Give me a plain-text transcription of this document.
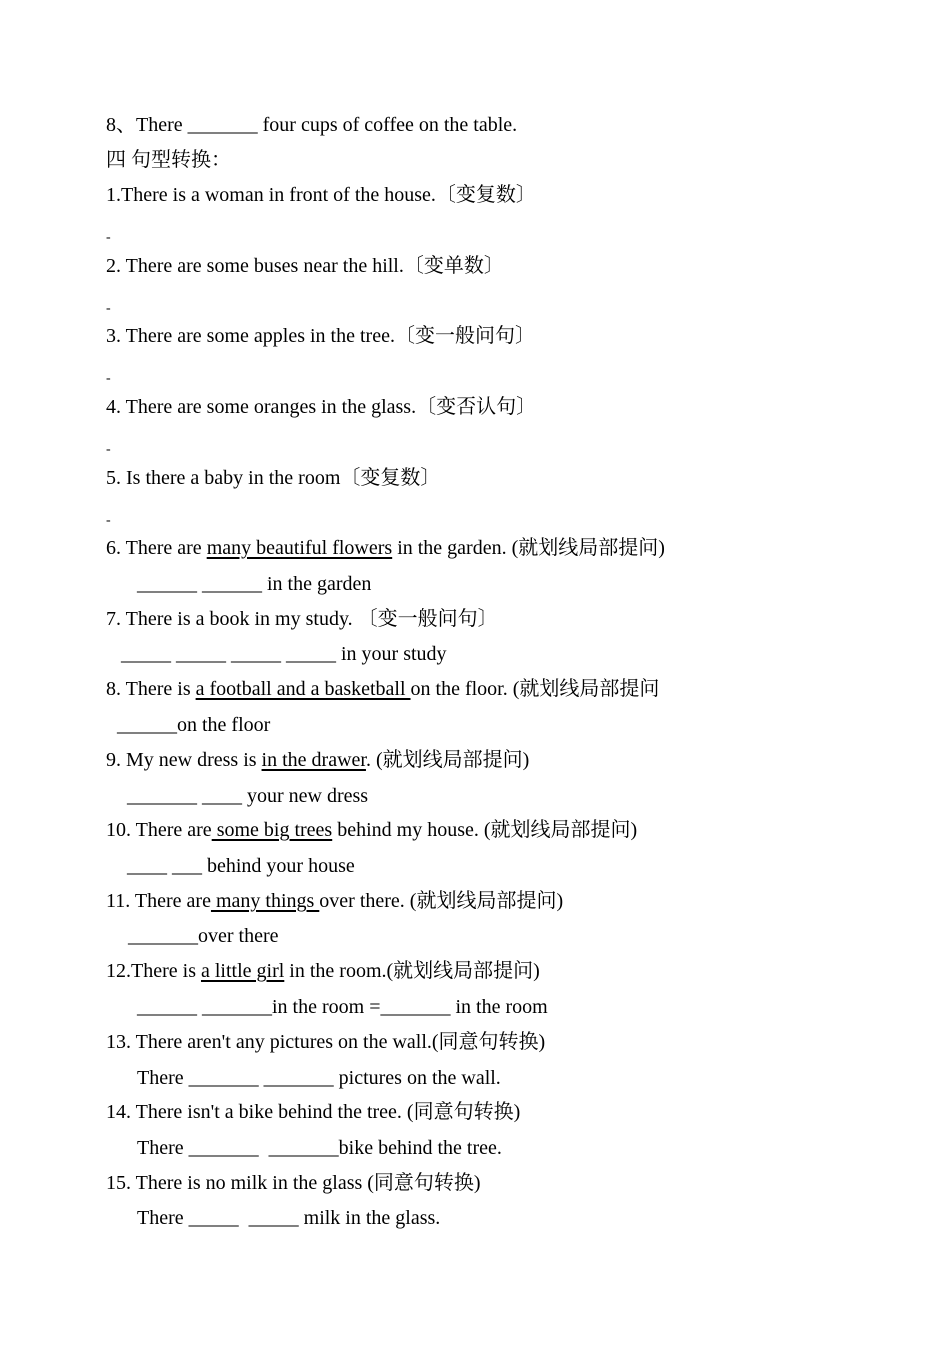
8、There _______ four cups of coffee on the table.
四 句型转换：
1.There is a woman in front of the house.〔变复数〕
-
2. There are some buses near the hill.〔变单数〕
-
3. There are some apples in the tree.〔变一般问句〕
-
4. There are some oranges in the glass.〔变否认句〕
-
5. Is there a baby in the room〔变复数〕
-
6. There are many beautiful flowers in the garden. (就划线局部提问)
______ ______ in the garden
7. There is a book in my study. 〔变一般问句〕
_____ _____ _____ _____ in your study
8. There is a football and a basketball on the floor. (就划线局部提问
______on the floor
9. My new dress is in the drawer. (就划线局部提问)
_______ ____ your new dress
10. There are some big trees behind my house. (就划线局部提问)
____ ___ behind your house
11. There are many things over there. (就划线局部提问)
_______over there
12.There is a little girl in the room.(就划线局部提问)
______ _______in the room =_______ in the room
13. There aren't any pictures on the wall.(同意句转换)
There _______ _______ pictures on the wall.
14. There isn't a bike behind the tree. (同意句转换)
There _______  _______bike behind the tree.
15. There is no milk in the glass (同意句转换)
There _____  _____ milk in the glass.
